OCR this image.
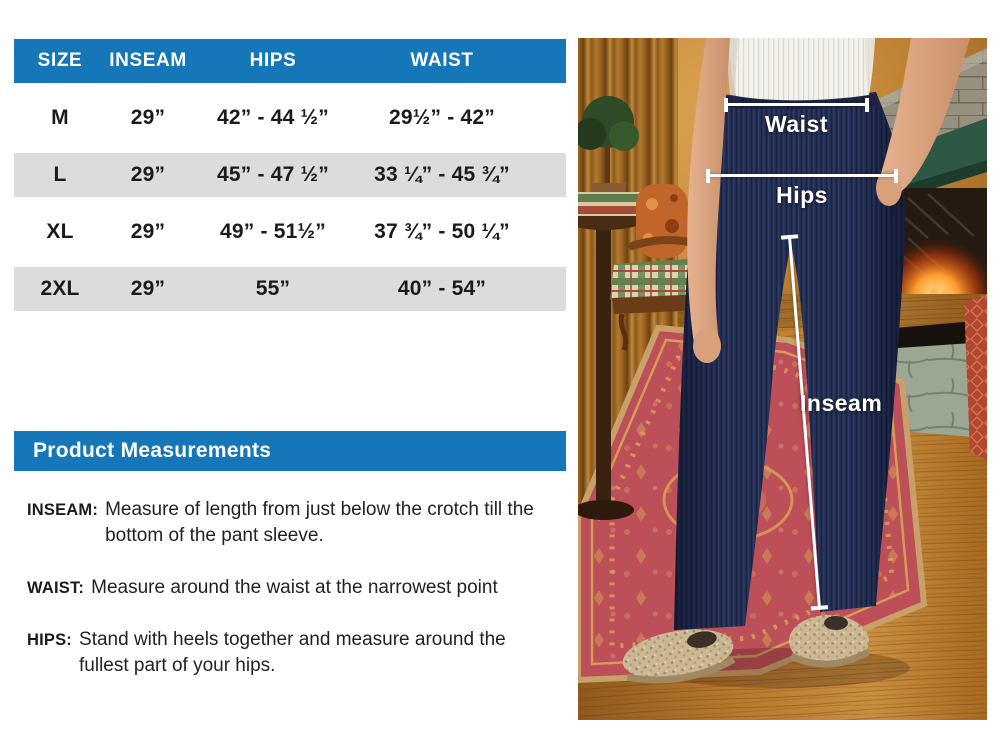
SIZE	INSEAM	HIPS	WAIST
M	29”	42” - 44 ½”	29½” - 42”
L	29”	45” - 47 ½”	33 ¼” - 45 ¾”
XL	29”	49” - 51½”	37 ¾” - 50 ¼”
2XL	29”	55”	40” - 54”
Product Measurements
INSEAM: Measure of length from just below the crotch till the bottom of the pant sleeve.
WAIST: Measure around the waist at the narrowest point
HIPS: Stand with heels together and measure around the fullest part of your hips.
Waist
Hips
Inseam
